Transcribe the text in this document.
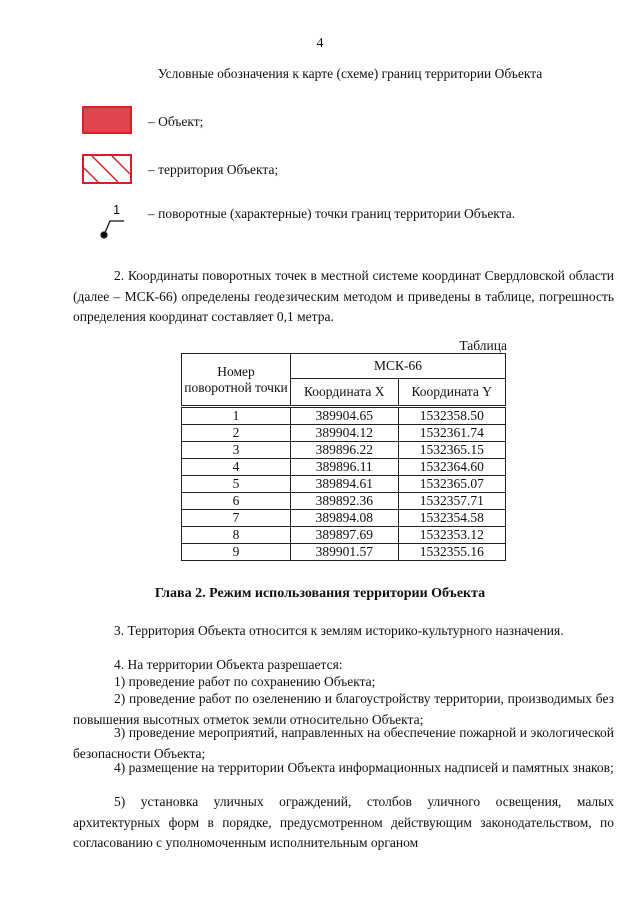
4
Условные обозначения к карте (схеме) границ территории Объекта
– Объект;
– территория Объекта;
1 – поворотные (характерные) точки границ территории Объекта.
2. Координаты поворотных точек в местной системе координат Свердловской области (далее – МСК-66) определены геодезическим методом и приведены в таблице, погрешность определения координат составляет 0,1 метра.
Таблица
Номер поворотной точки	МСК-66	
	Координата X	Координата Y
1	389904.65	1532358.50
2	389904.12	1532361.74
3	389896.22	1532365.15
4	389896.11	1532364.60
5	389894.61	1532365.07
6	389892.36	1532357.71
7	389894.08	1532354.58
8	389897.69	1532353.12
9	389901.57	1532355.16
Глава 2. Режим использования территории Объекта
3. Территория Объекта относится к землям историко-культурного назначения.
4. На территории Объекта разрешается:
1) проведение работ по сохранению Объекта;
2) проведение работ по озеленению и благоустройству территории, производимых без повышения высотных отметок земли относительно Объекта;
3) проведение мероприятий, направленных на обеспечение пожарной и экологической безопасности Объекта;
4) размещение на территории Объекта информационных надписей и памятных знаков;
5) установка уличных ограждений, столбов уличного освещения, малых архитектурных форм в порядке, предусмотренном действующим законодательством, по согласованию с уполномоченным исполнительным органом
